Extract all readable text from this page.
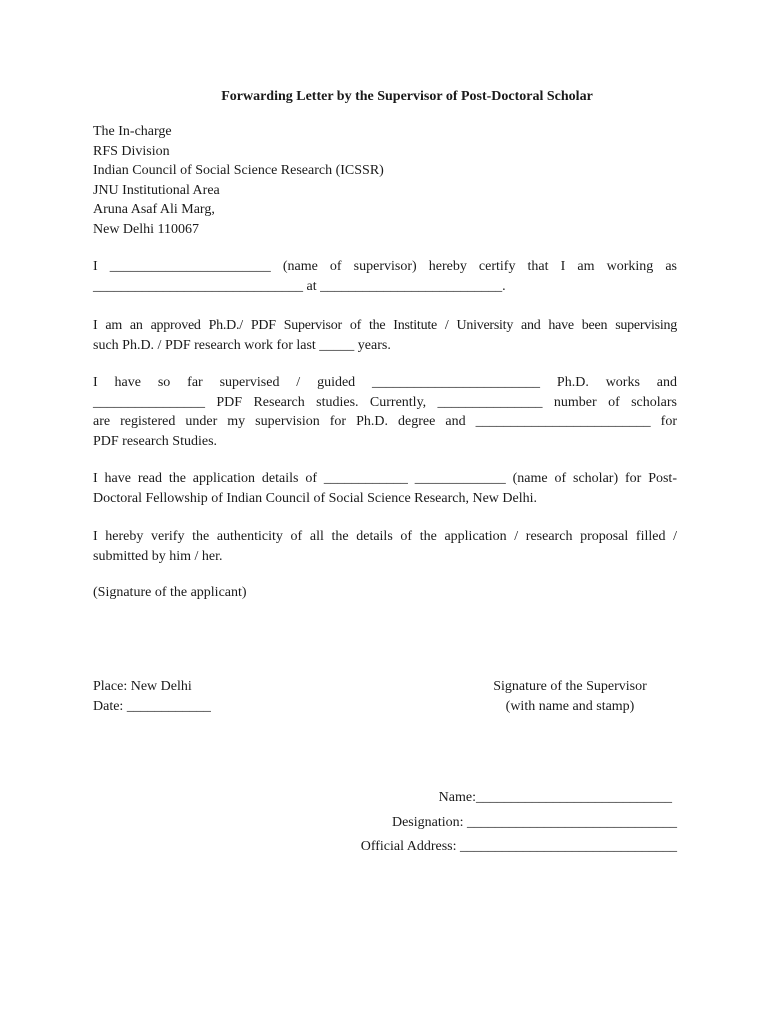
Forwarding Letter by the Supervisor of Post-Doctoral Scholar
The In-charge
RFS Division
Indian Council of Social Science Research (ICSSR)
JNU Institutional Area
Aruna Asaf Ali Marg,
New Delhi 110067
I _______________________ (name of supervisor) hereby certify that I am working as
______________________________ at __________________________.
I am an approved Ph.D./ PDF Supervisor of the Institute / University and have been supervising
such Ph.D. / PDF research work for last _____ years.
I have so far supervised / guided ________________________ Ph.D. works and
________________ PDF Research studies. Currently, _______________ number of scholars
are registered under my supervision for Ph.D. degree and _________________________ for
PDF research Studies.
I have read the application details of ____________ _____________ (name of scholar) for Post-
Doctoral Fellowship of Indian Council of Social Science Research, New Delhi.
I hereby verify the authenticity of all the details of the application / research proposal filled /
submitted by him / her.
(Signature of the applicant)
Place: New Delhi
Date: ____________
Signature of the Supervisor
(with name and stamp)
Name:____________________________
Designation: ______________________________
Official Address: _______________________________
